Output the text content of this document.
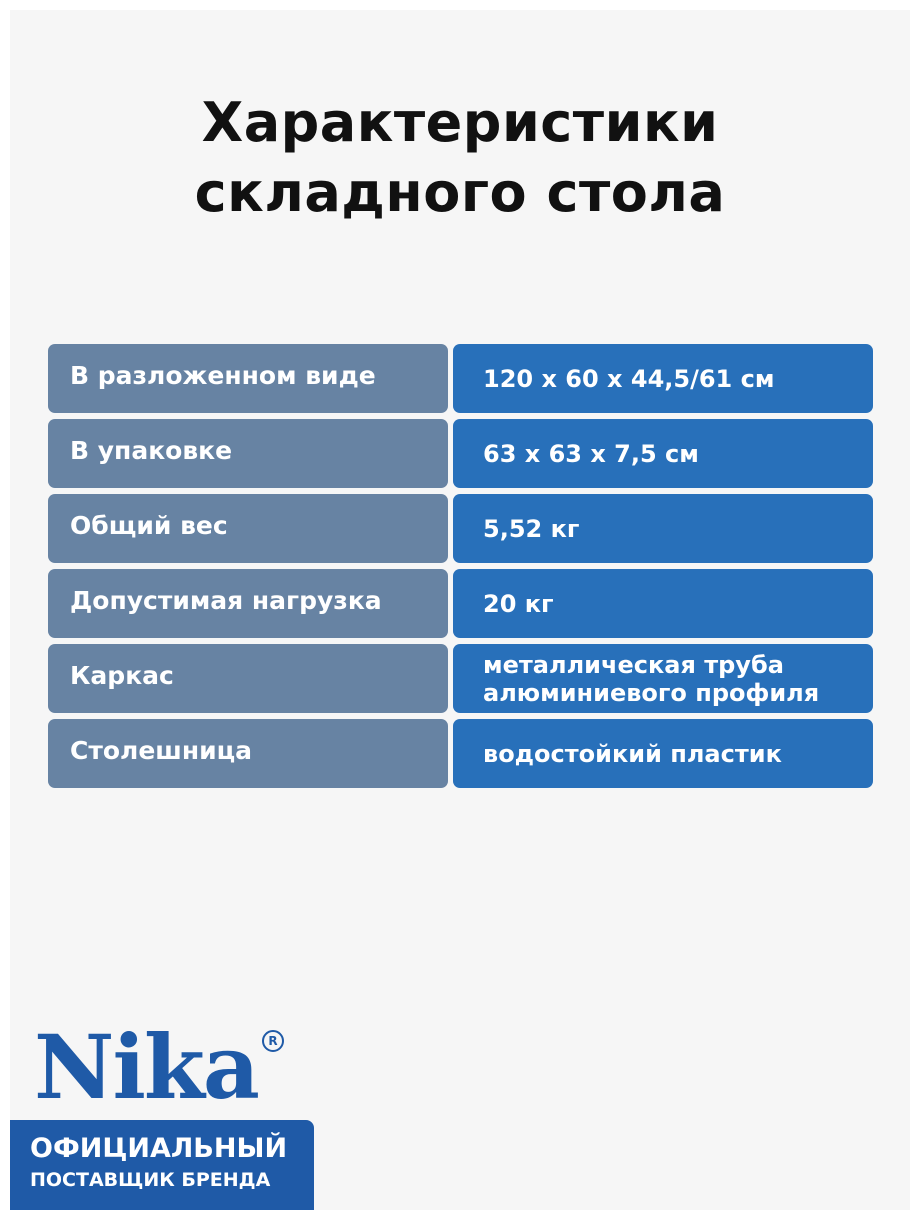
Характеристики
складного стола
В разложенном виде	120 х 60 х 44,5/61 см
В упаковке	63 х 63 х 7,5 см
Общий вес	5,52 кг
Допустимая нагрузка	20 кг
Каркас	металлическая труба
алюминиевого профиля
Столешница	водостойкий пластик
Nika R
ОФИЦИАЛЬНЫЙ
ПОСТАВЩИК БРЕНДА
